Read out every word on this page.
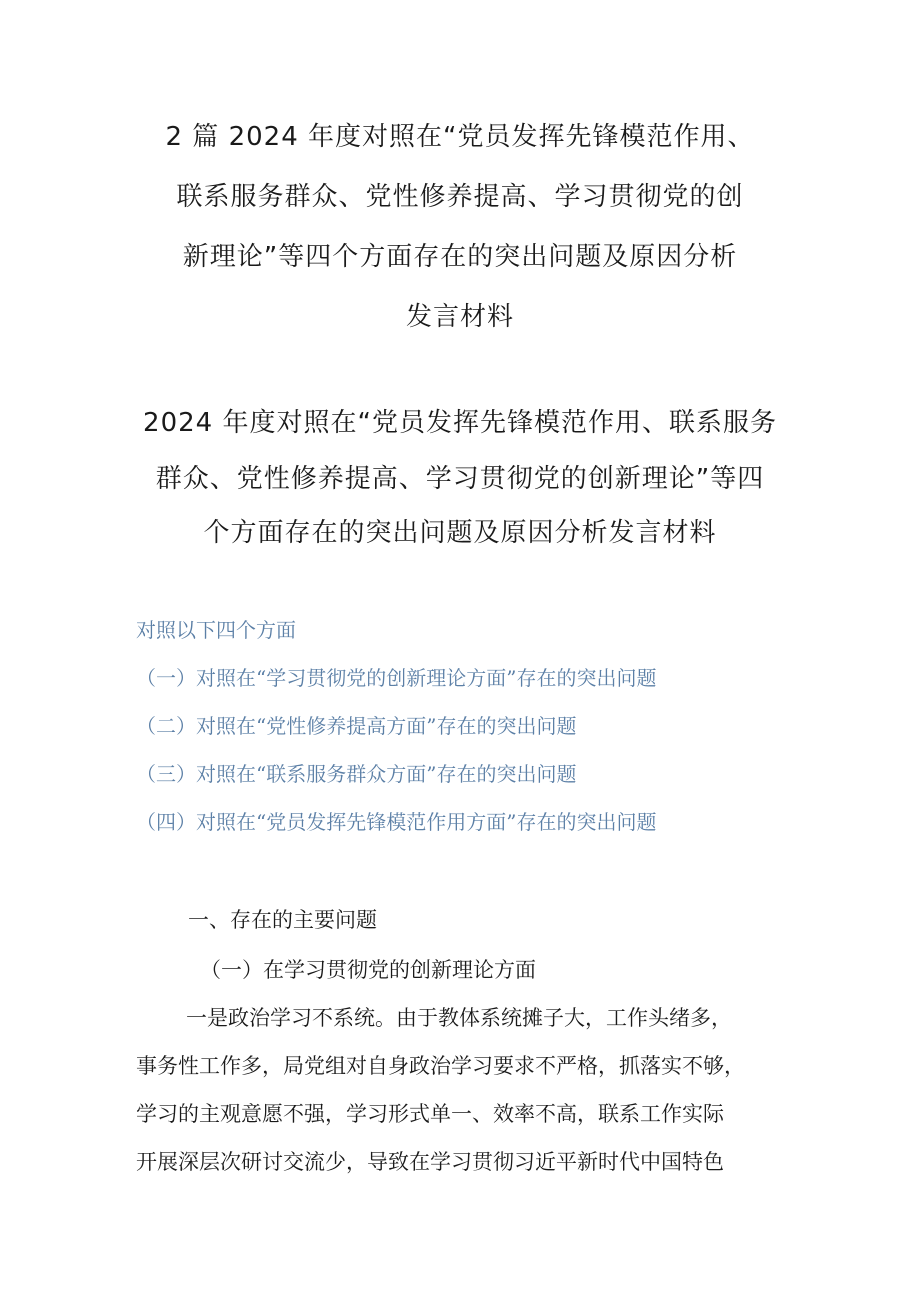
2 篇 2024 年度对照在“党员发挥先锋模范作用、
联系服务群众、党性修养提高、学习贯彻党的创
新理论”等四个方面存在的突出问题及原因分析
发言材料
2024 年度对照在“党员发挥先锋模范作用、联系服务
群众、党性修养提高、学习贯彻党的创新理论”等四
个方面存在的突出问题及原因分析发言材料
对照以下四个方面
（一）对照在“学习贯彻党的创新理论方面”存在的突出问题
（二）对照在“党性修养提高方面”存在的突出问题
（三）对照在“联系服务群众方面”存在的突出问题
（四）对照在“党员发挥先锋模范作用方面”存在的突出问题
一、存在的主要问题
（一）在学习贯彻党的创新理论方面
一是政治学习不系统。由于教体系统摊子大，工作头绪多，
事务性工作多，局党组对自身政治学习要求不严格，抓落实不够，
学习的主观意愿不强，学习形式单一、效率不高，联系工作实际
开展深层次研讨交流少，导致在学习贯彻习近平新时代中国特色
